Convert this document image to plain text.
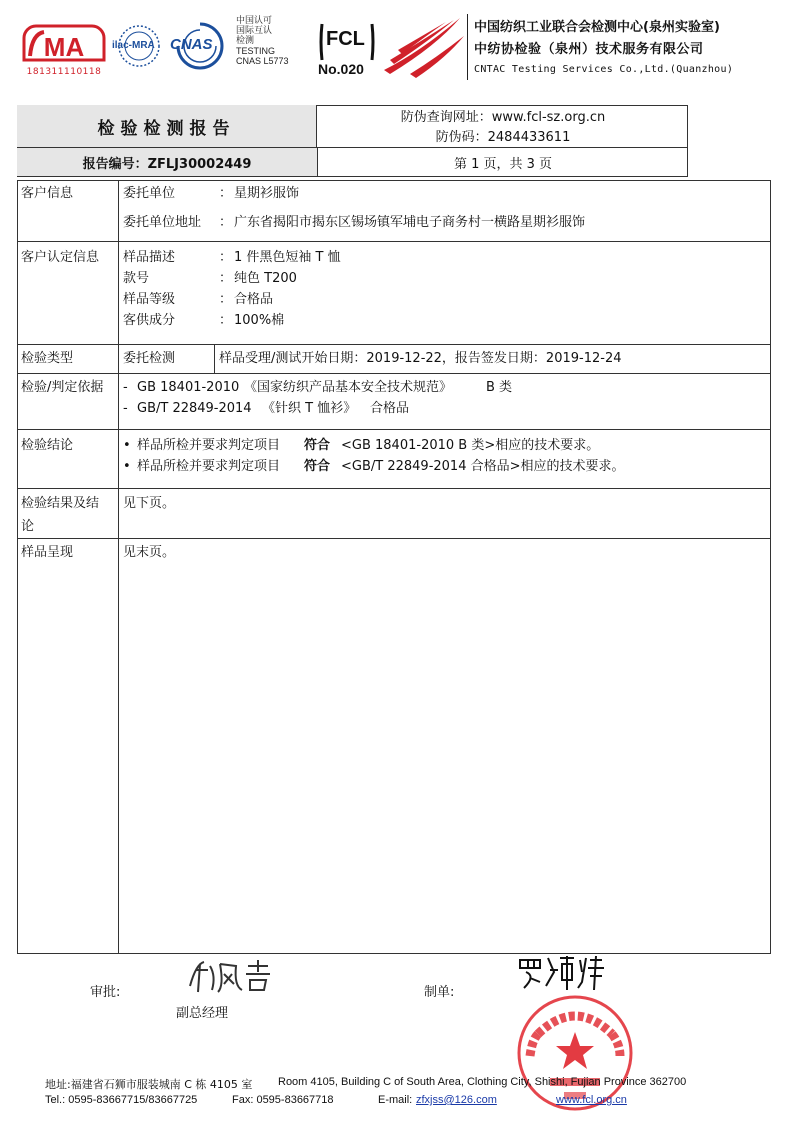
MA
181311110118
ilac-MRA CNAS
中国认可
国际互认
检测
TESTING
CNAS L5773
FCL
No.020
中国纺织工业联合会检测中心(泉州实验室)
中纺协检验（泉州）技术服务有限公司
CNTAC Testing Services Co.,Ltd.(Quanzhou)
检验检测报告
防伪查询网址：www.fcl-sz.org.cn
防伪码：2484433611
报告编号：ZFLJ30002449	第 1 页，共 3 页
客户信息	委托单位	： 星期衫服饰
委托单位地址 ： 广东省揭阳市揭东区锡场镇军埔电子商务村一横路星期衫服饰
客户认定信息	样品描述	： 1 件黑色短袖 T 恤
款号	： 纯色 T200
样品等级	： 合格品
客供成分	： 100%棉
检验类型	委托检测	样品受理/测试开始日期：2019-12-22，报告签发日期：2019-12-24
检验/判定依据	- GB 18401-2010 《国家纺织产品基本安全技术规范》	B 类
- GB/T 22849-2014 《针织 T 恤衫》 合格品
检验结论	• 样品所检并要求判定项目 符合 <GB 18401-2010 B 类>相应的技术要求。
• 样品所检并要求判定项目 符合 <GB/T 22849-2014 合格品>相应的技术要求。
检验结果及结
论
见下页。
样品呈现	见末页。
审批:
副总经理
制单:
地址:福建省石狮市服装城南 C 栋 4105 室 Room 4105, Building C of South Area, Clothing City, Shishi, Fujian Province 362700
Tel.: 0595-83667715/83667725	Fax: 0595-83667718	E-mail: zfxjss@126.com	www.fcl.org.cn
